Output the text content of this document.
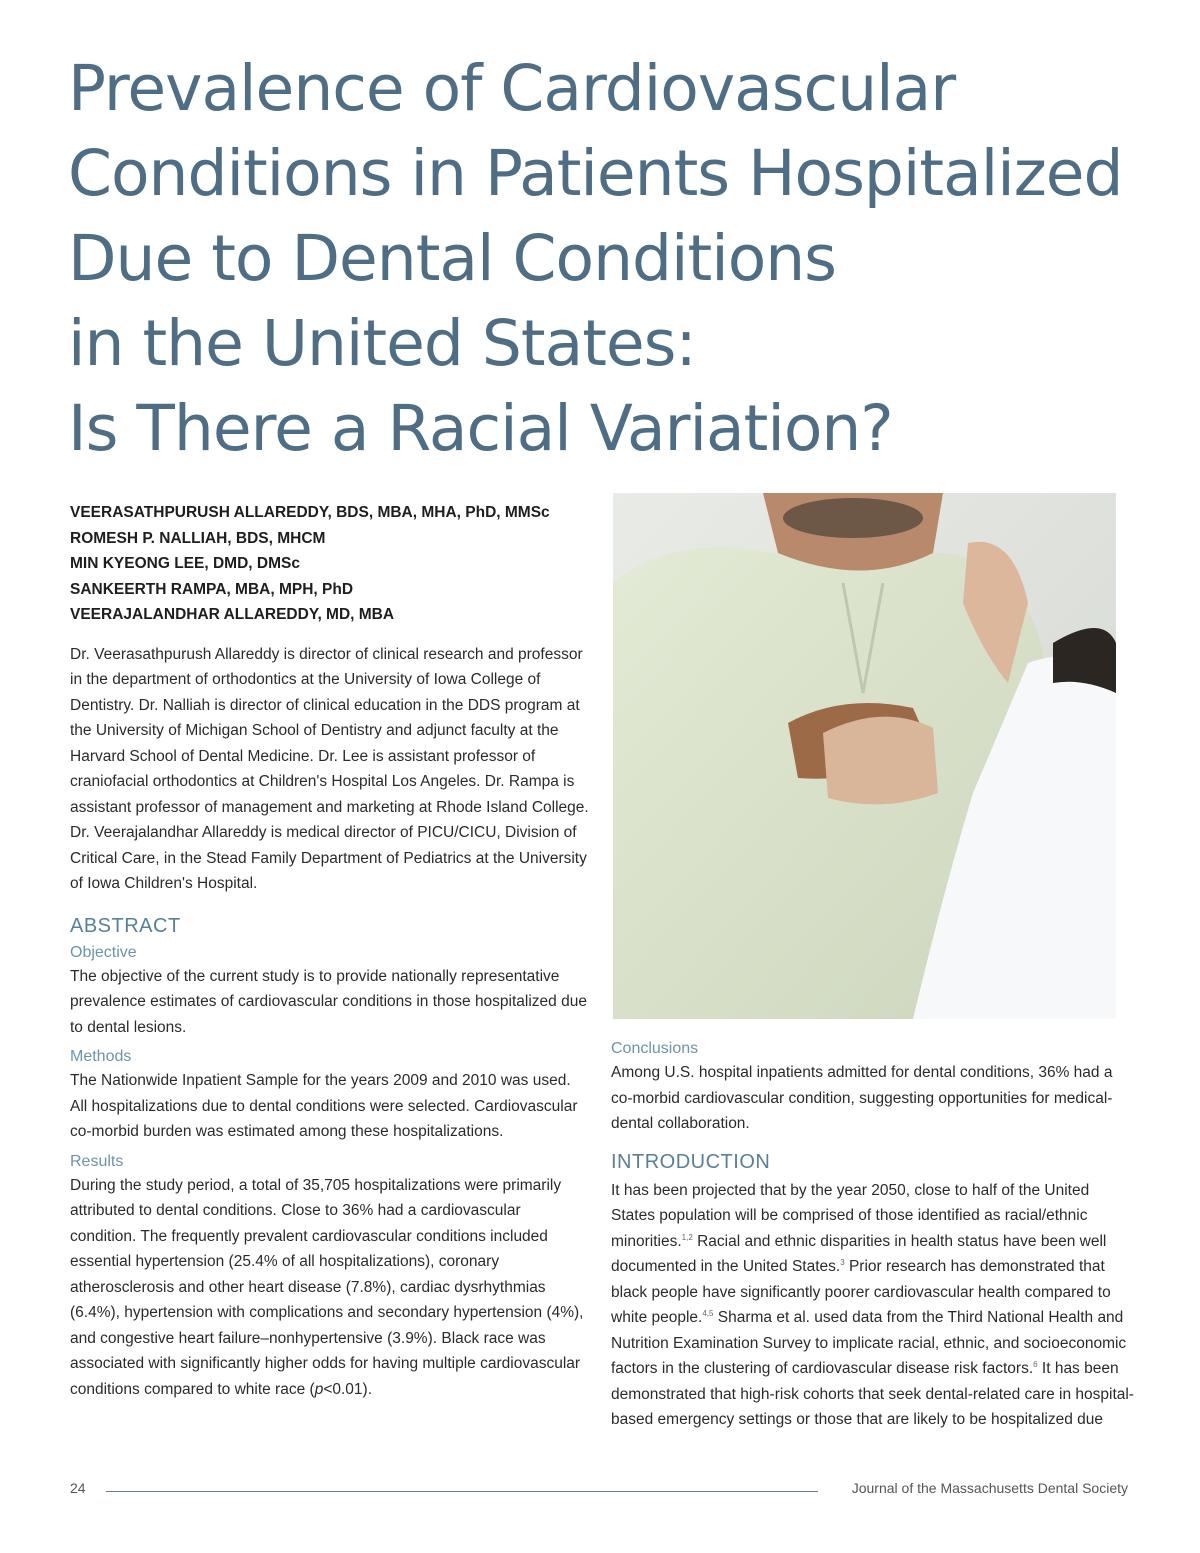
Prevalence of Cardiovascular
Conditions in Patients Hospitalized
Due to Dental Conditions
in the United States:
Is There a Racial Variation?
VEERASATHPURUSH ALLAREDDY, BDS, MBA, MHA, PhD, MMSc
ROMESH P. NALLIAH, BDS, MHCM
MIN KYEONG LEE, DMD, DMSc
SANKEERTH RAMPA, MBA, MPH, PhD
VEERAJALANDHAR ALLAREDDY, MD, MBA

Dr. Veerasathpurush Allareddy is director of clinical research and professor in the department of orthodontics at the University of Iowa College of Dentistry. Dr. Nalliah is director of clinical education in the DDS program at the University of Michigan School of Dentistry and adjunct faculty at the Harvard School of Dental Medicine. Dr. Lee is assistant professor of craniofacial orthodontics at Children's Hospital Los Angeles. Dr. Rampa is assistant professor of management and marketing at Rhode Island College. Dr. Veerajalandhar Allareddy is medical director of PICU/CICU, Division of Critical Care, in the Stead Family Department of Pediatrics at the University of Iowa Children's Hospital.

ABSTRACT
Objective

The objective of the current study is to provide nationally representative prevalence estimates of cardiovascular conditions in those hospitalized due to dental lesions.

Methods

The Nationwide Inpatient Sample for the years 2009 and 2010 was used. All hospitalizations due to dental conditions were selected. Cardiovascular co-morbid burden was estimated among these hospitalizations.

Results

During the study period, a total of 35,705 hospitalizations were primarily attributed to dental conditions. Close to 36% had a cardiovascular condition. The frequently prevalent cardiovascular conditions included essential hypertension (25.4% of all hospitalizations), coronary atherosclerosis and other heart disease (7.8%), cardiac dysrhythmias (6.4%), hypertension with complications and secondary hypertension (4%), and congestive heart failure–nonhypertensive (3.9%). Black race was associated with significantly higher odds for having multiple cardiovascular conditions compared to white race (p<0.01).

Conclusions

Among U.S. hospital inpatients admitted for dental conditions, 36% had a co-morbid cardiovascular condition, suggesting opportunities for medical-dental collaboration.

INTRODUCTION

It has been projected that by the year 2050, close to half of the United States population will be comprised of those identified as racial/ethnic minorities.$^{1,2}$ Racial and ethnic disparities in health status have been well documented in the United States.$^3$ Prior research has demonstrated that black people have significantly poorer cardiovascular health compared to white people.$^{4,5}$ Sharma et al. used data from the Third National Health and Nutrition Examination Survey to implicate racial, ethnic, and socioeconomic factors in the clustering of cardiovascular disease risk factors.$^6$ It has been demonstrated that high-risk cohorts that seek dental-related care in hospital-based emergency settings or those that are likely to be hospitalized due

24	Journal of the Massachusetts Dental Society
